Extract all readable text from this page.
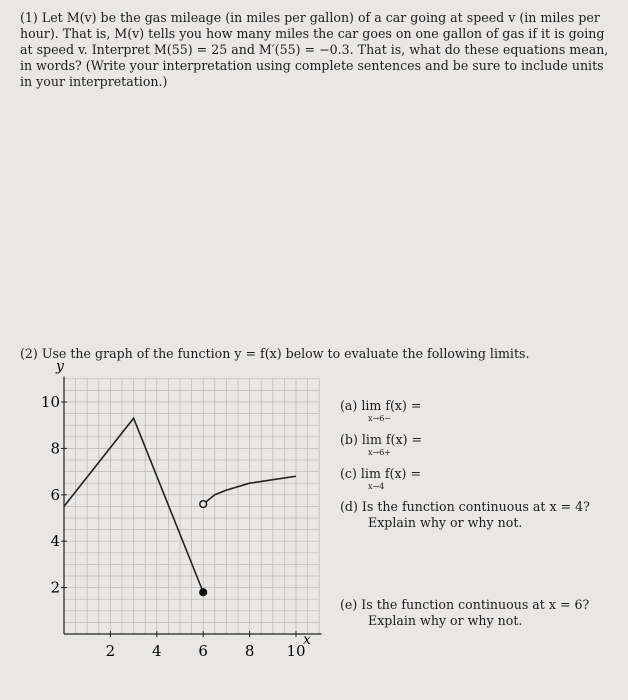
(1) Let M(v) be the gas mileage (in miles per gallon) of a car going at speed v (in miles per hour). That is, M(v) tells you how many miles the car goes on one gallon of gas if it is going at speed v. Interpret M(55) = 25 and M′(55) = −0.3. That is, what do these equations mean, in words? (Write your interpretation using complete sentences and be sure to include units in your interpretation.)
(2) Use the graph of the function y = f(x) below to evaluate the following limits.
2 4 6 8 10
2
4
6
8
10
x
y
(a) lim f(x) =
x→6−
(b) lim f(x) =
x→6+
(c) lim f(x) =
x→4
(d) Is the function continuous at x = 4?
Explain why or why not.
(e) Is the function continuous at x = 6?
Explain why or why not.
